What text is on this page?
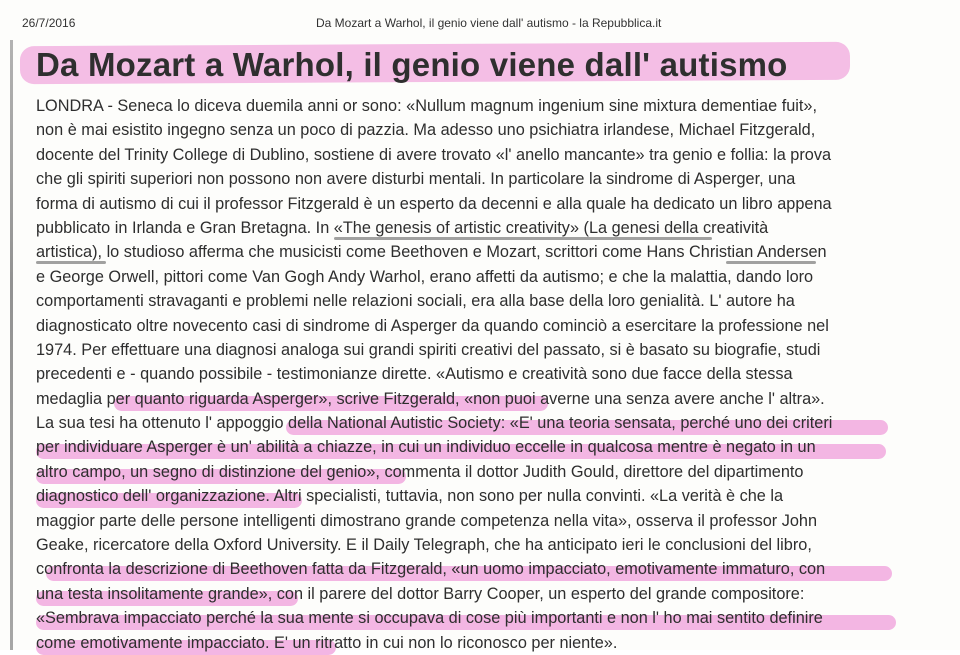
26/7/2016	Da Mozart a Warhol, il genio viene dall' autismo - la Repubblica.it
Da Mozart a Warhol, il genio viene dall' autismo
LONDRA - Seneca lo diceva duemila anni or sono: «Nullum magnum ingenium sine mixtura dementiae fuit»,
non è mai esistito ingegno senza un poco di pazzia. Ma adesso uno psichiatra irlandese, Michael Fitzgerald,
docente del Trinity College di Dublino, sostiene di avere trovato «l' anello mancante» tra genio e follia: la prova
che gli spiriti superiori non possono non avere disturbi mentali. In particolare la sindrome di Asperger, una
forma di autismo di cui il professor Fitzgerald è un esperto da decenni e alla quale ha dedicato un libro appena
pubblicato in Irlanda e Gran Bretagna. In «The genesis of artistic creativity» (La genesi della creatività
artistica), lo studioso afferma che musicisti come Beethoven e Mozart, scrittori come Hans Christian Andersen
e George Orwell, pittori come Van Gogh Andy Warhol, erano affetti da autismo; e che la malattia, dando loro
comportamenti stravaganti e problemi nelle relazioni sociali, era alla base della loro genialità. L' autore ha
diagnosticato oltre novecento casi di sindrome di Asperger da quando cominciò a esercitare la professione nel
1974. Per effettuare una diagnosi analoga sui grandi spiriti creativi del passato, si è basato su biografie, studi
precedenti e - quando possibile - testimonianze dirette. «Autismo e creatività sono due facce della stessa
medaglia per quanto riguarda Asperger», scrive Fitzgerald, «non puoi averne una senza avere anche l' altra».
La sua tesi ha ottenuto l' appoggio della National Autistic Society: «E' una teoria sensata, perché uno dei criteri
per individuare Asperger è un' abilità a chiazze, in cui un individuo eccelle in qualcosa mentre è negato in un
altro campo, un segno di distinzione del genio», commenta il dottor Judith Gould, direttore del dipartimento
diagnostico dell' organizzazione. Altri specialisti, tuttavia, non sono per nulla convinti. «La verità è che la
maggior parte delle persone intelligenti dimostrano grande competenza nella vita», osserva il professor John
Geake, ricercatore della Oxford University. E il Daily Telegraph, che ha anticipato ieri le conclusioni del libro,
confronta la descrizione di Beethoven fatta da Fitzgerald, «un uomo impacciato, emotivamente immaturo, con
una testa insolitamente grande», con il parere del dottor Barry Cooper, un esperto del grande compositore:
«Sembrava impacciato perché la sua mente si occupava di cose più importanti e non l' ho mai sentito definire
come emotivamente impacciato. E' un ritratto in cui non lo riconosco per niente».
